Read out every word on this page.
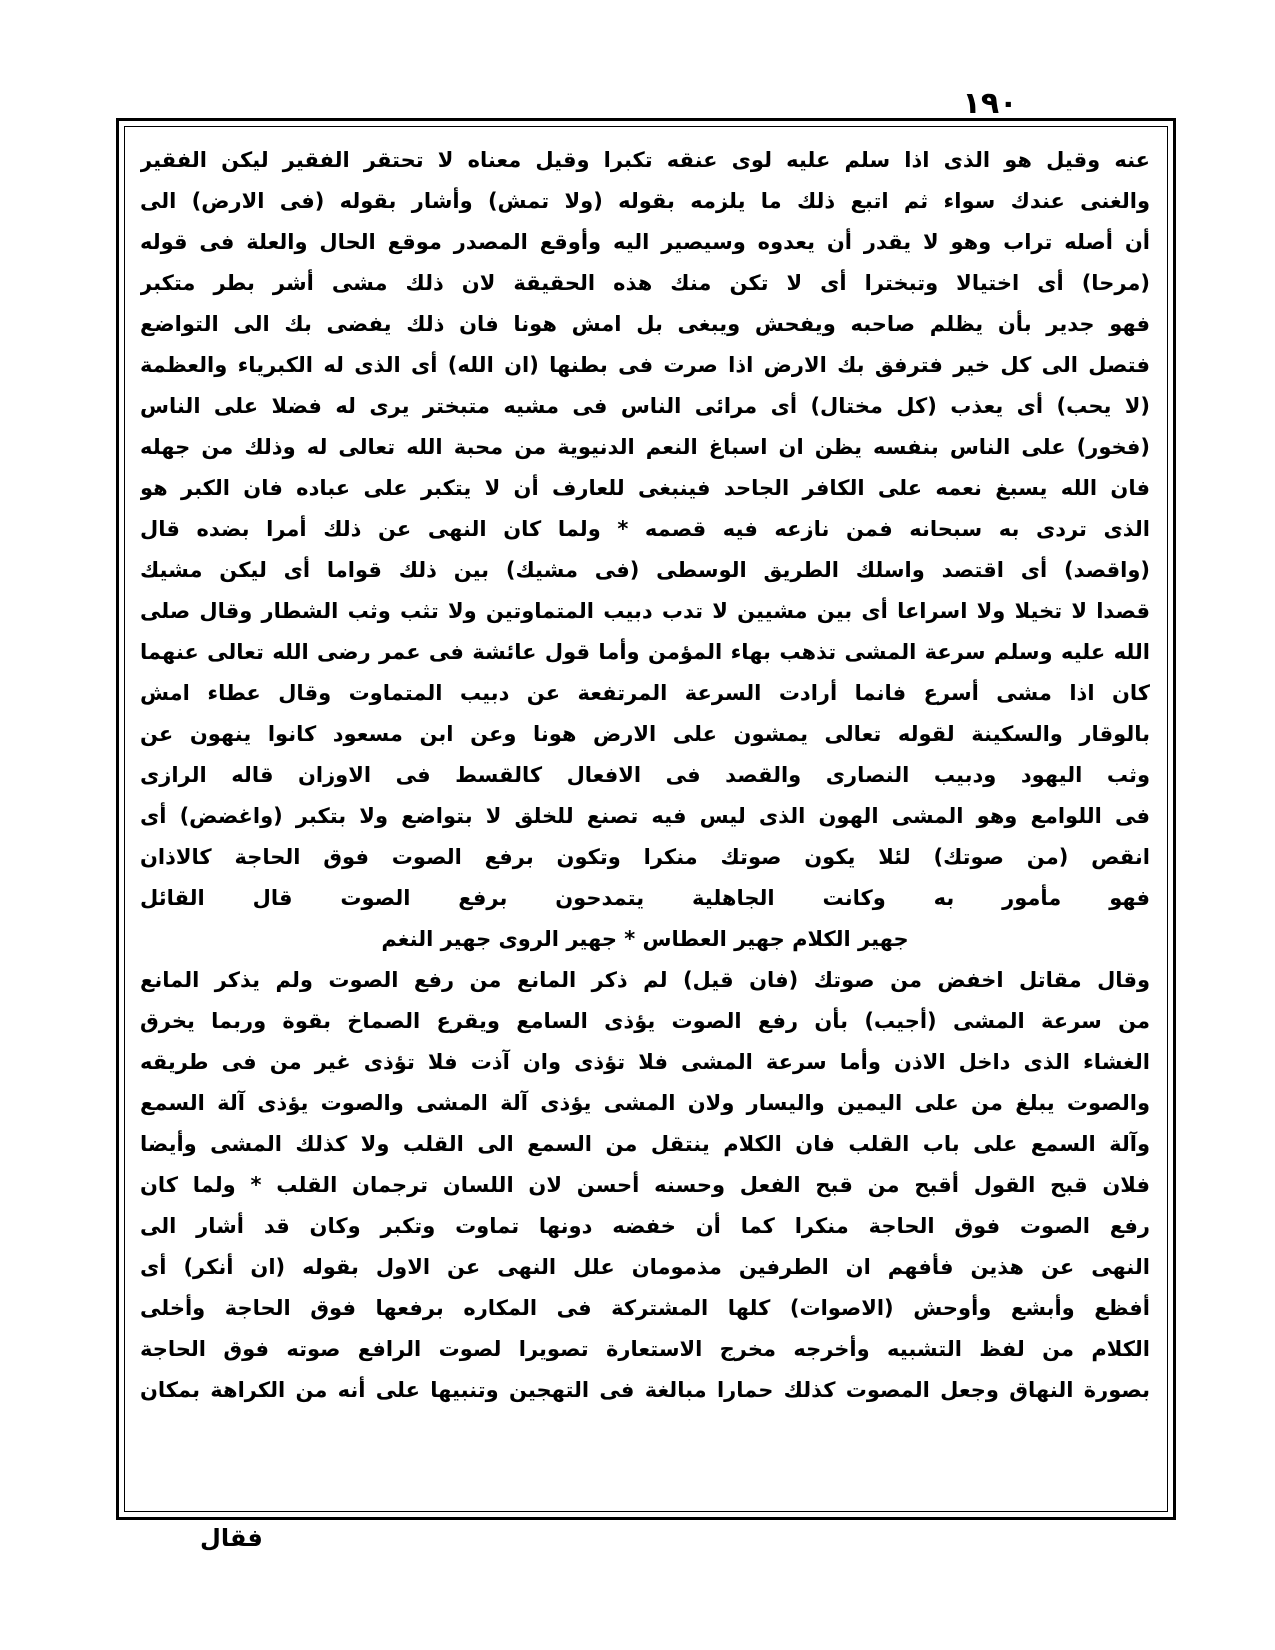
١٩٠
عنه وقيل هو الذى اذا سلم عليه لوى عنقه تكبرا وقيل معناه لا تحتقر الفقير ليكن الفقير
والغنى عندك سواء ثم اتبع ذلك ما يلزمه بقوله (ولا تمش) وأشار بقوله (فى الارض) الى
أن أصله تراب وهو لا يقدر أن يعدوه وسيصير اليه وأوقع المصدر موقع الحال والعلة فى قوله
(مرحا) أى اختيالا وتبخترا أى لا تكن منك هذه الحقيقة لان ذلك مشى أشر بطر متكبر
فهو جدير بأن يظلم صاحبه ويفحش ويبغى بل امش هونا فان ذلك يفضى بك الى التواضع
فتصل الى كل خير فترفق بك الارض اذا صرت فى بطنها (ان الله) أى الذى له الكبرياء والعظمة
(لا يحب) أى يعذب (كل مختال) أى مرائى الناس فى مشيه متبختر يرى له فضلا على الناس
(فخور) على الناس بنفسه يظن ان اسباغ النعم الدنيوية من محبة الله تعالى له وذلك من جهله
فان الله يسبغ نعمه على الكافر الجاحد فينبغى للعارف أن لا يتكبر على عباده فان الكبر هو
الذى تردى به سبحانه فمن نازعه فيه قصمه * ولما كان النهى عن ذلك أمرا بضده قال
(واقصد) أى اقتصد واسلك الطريق الوسطى (فى مشيك) بين ذلك قواما أى ليكن مشيك
قصدا لا تخيلا ولا اسراعا أى بين مشيين لا تدب دبيب المتماوتين ولا تثب وثب الشطار وقال صلى
الله عليه وسلم سرعة المشى تذهب بهاء المؤمن وأما قول عائشة فى عمر رضى الله تعالى عنهما
كان اذا مشى أسرع فانما أرادت السرعة المرتفعة عن دبيب المتماوت وقال عطاء امش
بالوقار والسكينة لقوله تعالى يمشون على الارض هونا وعن ابن مسعود كانوا ينهون عن
وثب اليهود ودبيب النصارى والقصد فى الافعال كالقسط فى الاوزان قاله الرازى
فى اللوامع وهو المشى الهون الذى ليس فيه تصنع للخلق لا بتواضع ولا بتكبر (واغضض) أى
انقص (من صوتك) لئلا يكون صوتك منكرا وتكون برفع الصوت فوق الحاجة كالاذان
فهو مأمور به وكانت الجاهلية يتمدحون برفع الصوت قال القائل
جهير الكلام جهير العطاس * جهير الروى جهير النغم
وقال مقاتل اخفض من صوتك (فان قيل) لم ذكر المانع من رفع الصوت ولم يذكر المانع
من سرعة المشى (أجيب) بأن رفع الصوت يؤذى السامع ويقرع الصماخ بقوة وربما يخرق
الغشاء الذى داخل الاذن وأما سرعة المشى فلا تؤذى وان آذت فلا تؤذى غير من فى طريقه
والصوت يبلغ من على اليمين واليسار ولان المشى يؤذى آلة المشى والصوت يؤذى آلة السمع
وآلة السمع على باب القلب فان الكلام ينتقل من السمع الى القلب ولا كذلك المشى وأيضا
فلان قبح القول أقبح من قبح الفعل وحسنه أحسن لان اللسان ترجمان القلب * ولما كان
رفع الصوت فوق الحاجة منكرا كما أن خفضه دونها تماوت وتكبر وكان قد أشار الى
النهى عن هذين فأفهم ان الطرفين مذمومان علل النهى عن الاول بقوله (ان أنكر) أى
أفظع وأبشع وأوحش (الاصوات) كلها المشتركة فى المكاره برفعها فوق الحاجة وأخلى
الكلام من لفظ التشبيه وأخرجه مخرج الاستعارة تصويرا لصوت الرافع صوته فوق الحاجة
بصورة النهاق وجعل المصوت كذلك حمارا مبالغة فى التهجين وتنبيها على أنه من الكراهة بمكان
فقال
